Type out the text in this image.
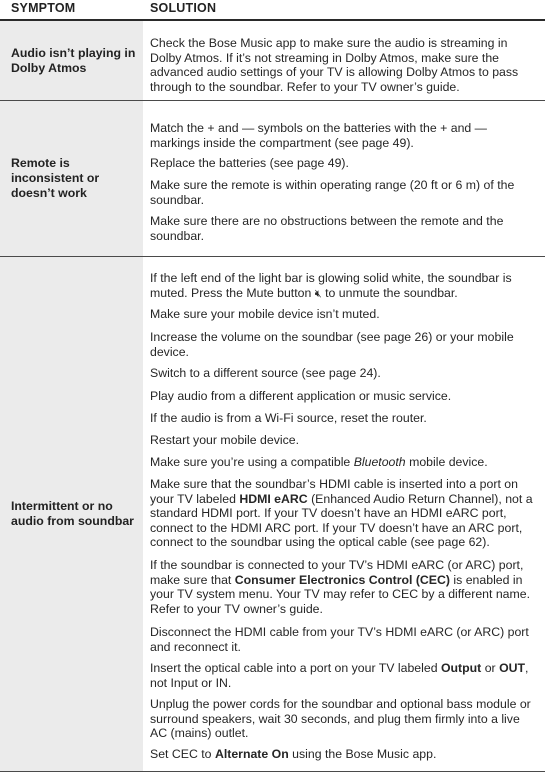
SYMPTOM	SOLUTION
Audio isn’t playing in Dolby Atmos

Check the Bose Music app to make sure the audio is streaming in Dolby Atmos. If it’s not streaming in Dolby Atmos, make sure the advanced audio settings of your TV is allowing Dolby Atmos to pass through to the soundbar. Refer to your TV owner’s guide.

Remote is inconsistent or doesn’t work

Match the + and — symbols on the batteries with the + and — markings inside the compartment (see page 49).

Replace the batteries (see page 49).

Make sure the remote is within operating range (20 ft or 6 m) of the soundbar.

Make sure there are no obstructions between the remote and the soundbar.

Intermittent or no audio from soundbar

If the left end of the light bar is glowing solid white, the soundbar is muted. Press the Mute button 🔇︎ to unmute the soundbar.

Make sure your mobile device isn’t muted.

Increase the volume on the soundbar (see page 26) or your mobile device.

Switch to a different source (see page 24).

Play audio from a different application or music service.

If the audio is from a Wi-Fi source, reset the router.

Restart your mobile device.

Make sure you’re using a compatible Bluetooth mobile device.

Make sure that the soundbar’s HDMI cable is inserted into a port on your TV labeled HDMI eARC (Enhanced Audio Return Channel), not a standard HDMI port. If your TV doesn’t have an HDMI eARC port, connect to the HDMI ARC port. If your TV doesn’t have an ARC port, connect to the soundbar using the optical cable (see page 62).

If the soundbar is connected to your TV’s HDMI eARC (or ARC) port, make sure that Consumer Electronics Control (CEC) is enabled in your TV system menu. Your TV may refer to CEC by a different name. Refer to your TV owner’s guide.

Disconnect the HDMI cable from your TV’s HDMI eARC (or ARC) port and reconnect it.

Insert the optical cable into a port on your TV labeled Output or OUT, not Input or IN.

Unplug the power cords for the soundbar and optional bass module or surround speakers, wait 30 seconds, and plug them firmly into a live AC (mains) outlet.

Set CEC to Alternate On using the Bose Music app.
